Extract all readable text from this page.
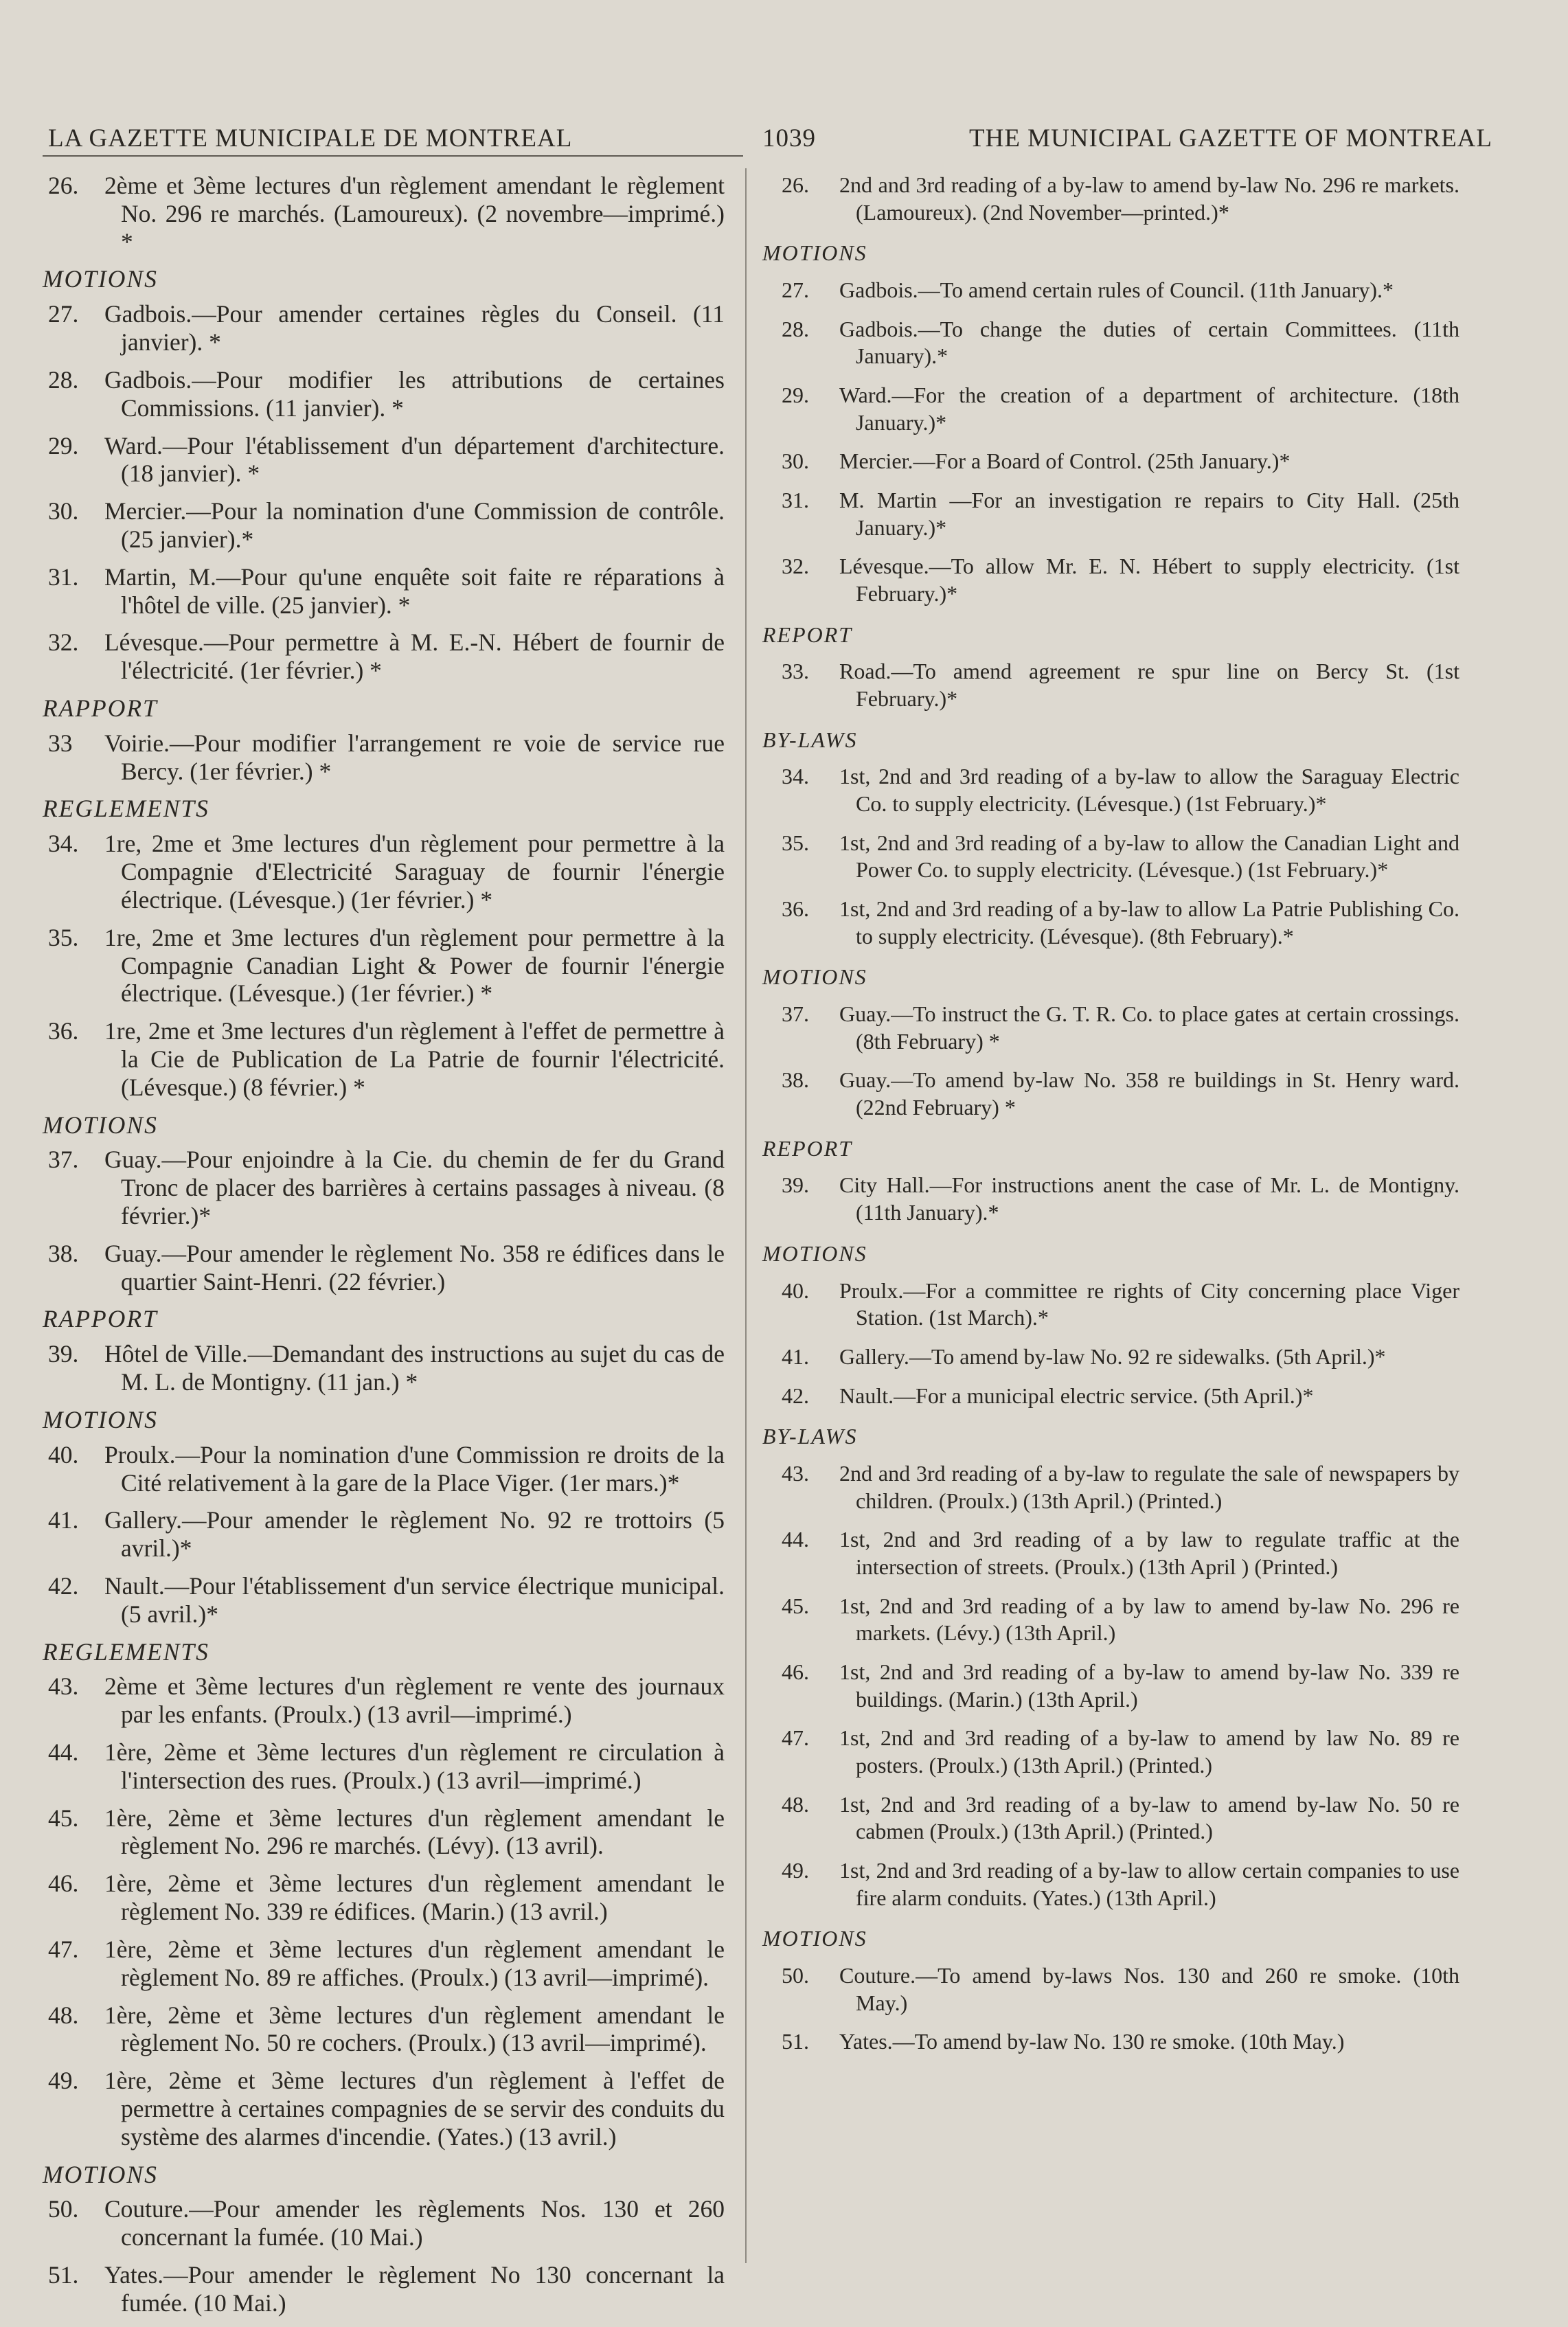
LA GAZETTE MUNICIPALE DE MONTREAL	1039	THE MUNICIPAL GAZETTE OF MONTREAL
26. 2ème et 3ème lectures d'un règlement amendant le règlement No. 296 re marchés. (Lamoureux). (2 novembre—imprimé.) *
MOTIONS
27. Gadbois.—Pour amender certaines règles du Conseil. (11 janvier). *
28. Gadbois.—Pour modifier les attributions de certaines Commissions. (11 janvier). *
29. Ward.—Pour l'établissement d'un département d'architecture. (18 janvier). *
30. Mercier.—Pour la nomination d'une Commission de contrôle. (25 janvier).*
31. Martin, M.—Pour qu'une enquête soit faite re réparations à l'hôtel de ville. (25 janvier). *
32. Lévesque.—Pour permettre à M. E.-N. Hébert de fournir de l'électricité. (1er février.) *
RAPPORT
33 Voirie.—Pour modifier l'arrangement re voie de service rue Bercy. (1er février.) *
REGLEMENTS
34. 1re, 2me et 3me lectures d'un règlement pour permettre à la Compagnie d'Electricité Saraguay de fournir l'énergie électrique. (Lévesque.) (1er février.) *
35. 1re, 2me et 3me lectures d'un règlement pour permettre à la Compagnie Canadian Light & Power de fournir l'énergie électrique. (Lévesque.) (1er février.) *
36. 1re, 2me et 3me lectures d'un règlement à l'effet de permettre à la Cie de Publication de La Patrie de fournir l'électricité. (Lévesque.) (8 février.) *
MOTIONS
37. Guay.—Pour enjoindre à la Cie. du chemin de fer du Grand Tronc de placer des barrières à certains passages à niveau. (8 février.)*
38. Guay.—Pour amender le règlement No. 358 re édifices dans le quartier Saint-Henri. (22 février.)
RAPPORT
39. Hôtel de Ville.—Demandant des instructions au sujet du cas de M. L. de Montigny. (11 jan.) *
MOTIONS
40. Proulx.—Pour la nomination d'une Commission re droits de la Cité relativement à la gare de la Place Viger. (1er mars.)*
41. Gallery.—Pour amender le règlement No. 92 re trottoirs (5 avril.)*
42. Nault.—Pour l'établissement d'un service électrique municipal. (5 avril.)*
REGLEMENTS
43. 2ème et 3ème lectures d'un règlement re vente des journaux par les enfants. (Proulx.) (13 avril—imprimé.)
44. 1ère, 2ème et 3ème lectures d'un règlement re circulation à l'intersection des rues. (Proulx.) (13 avril—imprimé.)
45. 1ère, 2ème et 3ème lectures d'un règlement amendant le règlement No. 296 re marchés. (Lévy). (13 avril).
46. 1ère, 2ème et 3ème lectures d'un règlement amendant le règlement No. 339 re édifices. (Marin.) (13 avril.)
47. 1ère, 2ème et 3ème lectures d'un règlement amendant le règlement No. 89 re affiches. (Proulx.) (13 avril—imprimé).
48. 1ère, 2ème et 3ème lectures d'un règlement amendant le règlement No. 50 re cochers. (Proulx.) (13 avril—imprimé).
49. 1ère, 2ème et 3ème lectures d'un règlement à l'effet de permettre à certaines compagnies de se servir des conduits du système des alarmes d'incendie. (Yates.) (13 avril.)
MOTIONS
50. Couture.—Pour amender les règlements Nos. 130 et 260 concernant la fumée. (10 Mai.)
51. Yates.—Pour amender le règlement No 130 concernant la fumée. (10 Mai.)
26. 2nd and 3rd reading of a by-law to amend by-law No. 296 re markets. (Lamoureux). (2nd November—printed.)*
MOTIONS
27. Gadbois.—To amend certain rules of Council. (11th January).*
28. Gadbois.—To change the duties of certain Committees. (11th January).*
29. Ward.—For the creation of a department of architecture. (18th January.)*
30. Mercier.—For a Board of Control. (25th January.)*
31. M. Martin —For an investigation re repairs to City Hall. (25th January.)*
32. Lévesque.—To allow Mr. E. N. Hébert to supply electricity. (1st February.)*
REPORT
33. Road.—To amend agreement re spur line on Bercy St. (1st February.)*
BY-LAWS
34. 1st, 2nd and 3rd reading of a by-law to allow the Saraguay Electric Co. to supply electricity. (Lévesque.) (1st February.)*
35. 1st, 2nd and 3rd reading of a by-law to allow the Canadian Light and Power Co. to supply electricity. (Lévesque.) (1st February.)*
36. 1st, 2nd and 3rd reading of a by-law to allow La Patrie Publishing Co. to supply electricity. (Lévesque). (8th February).*
MOTIONS
37. Guay.—To instruct the G. T. R. Co. to place gates at certain crossings. (8th February) *
38. Guay.—To amend by-law No. 358 re buildings in St. Henry ward. (22nd February) *
REPORT
39. City Hall.—For instructions anent the case of Mr. L. de Montigny. (11th January).*
MOTIONS
40. Proulx.—For a committee re rights of City concerning place Viger Station. (1st March).*
41. Gallery.—To amend by-law No. 92 re sidewalks. (5th April.)*
42. Nault.—For a municipal electric service. (5th April.)*
BY-LAWS
43. 2nd and 3rd reading of a by-law to regulate the sale of newspapers by children. (Proulx.) (13th April.) (Printed.)
44. 1st, 2nd and 3rd reading of a by law to regulate traffic at the intersection of streets. (Proulx.) (13th April ) (Printed.)
45. 1st, 2nd and 3rd reading of a by law to amend by-law No. 296 re markets. (Lévy.) (13th April.)
46. 1st, 2nd and 3rd reading of a by-law to amend by-law No. 339 re buildings. (Marin.) (13th April.)
47. 1st, 2nd and 3rd reading of a by-law to amend by law No. 89 re posters. (Proulx.) (13th April.) (Printed.)
48. 1st, 2nd and 3rd reading of a by-law to amend by-law No. 50 re cabmen (Proulx.) (13th April.) (Printed.)
49. 1st, 2nd and 3rd reading of a by-law to allow certain companies to use fire alarm conduits. (Yates.) (13th April.)
MOTIONS
50. Couture.—To amend by-laws Nos. 130 and 260 re smoke. (10th May.)
51. Yates.—To amend by-law No. 130 re smoke. (10th May.)
